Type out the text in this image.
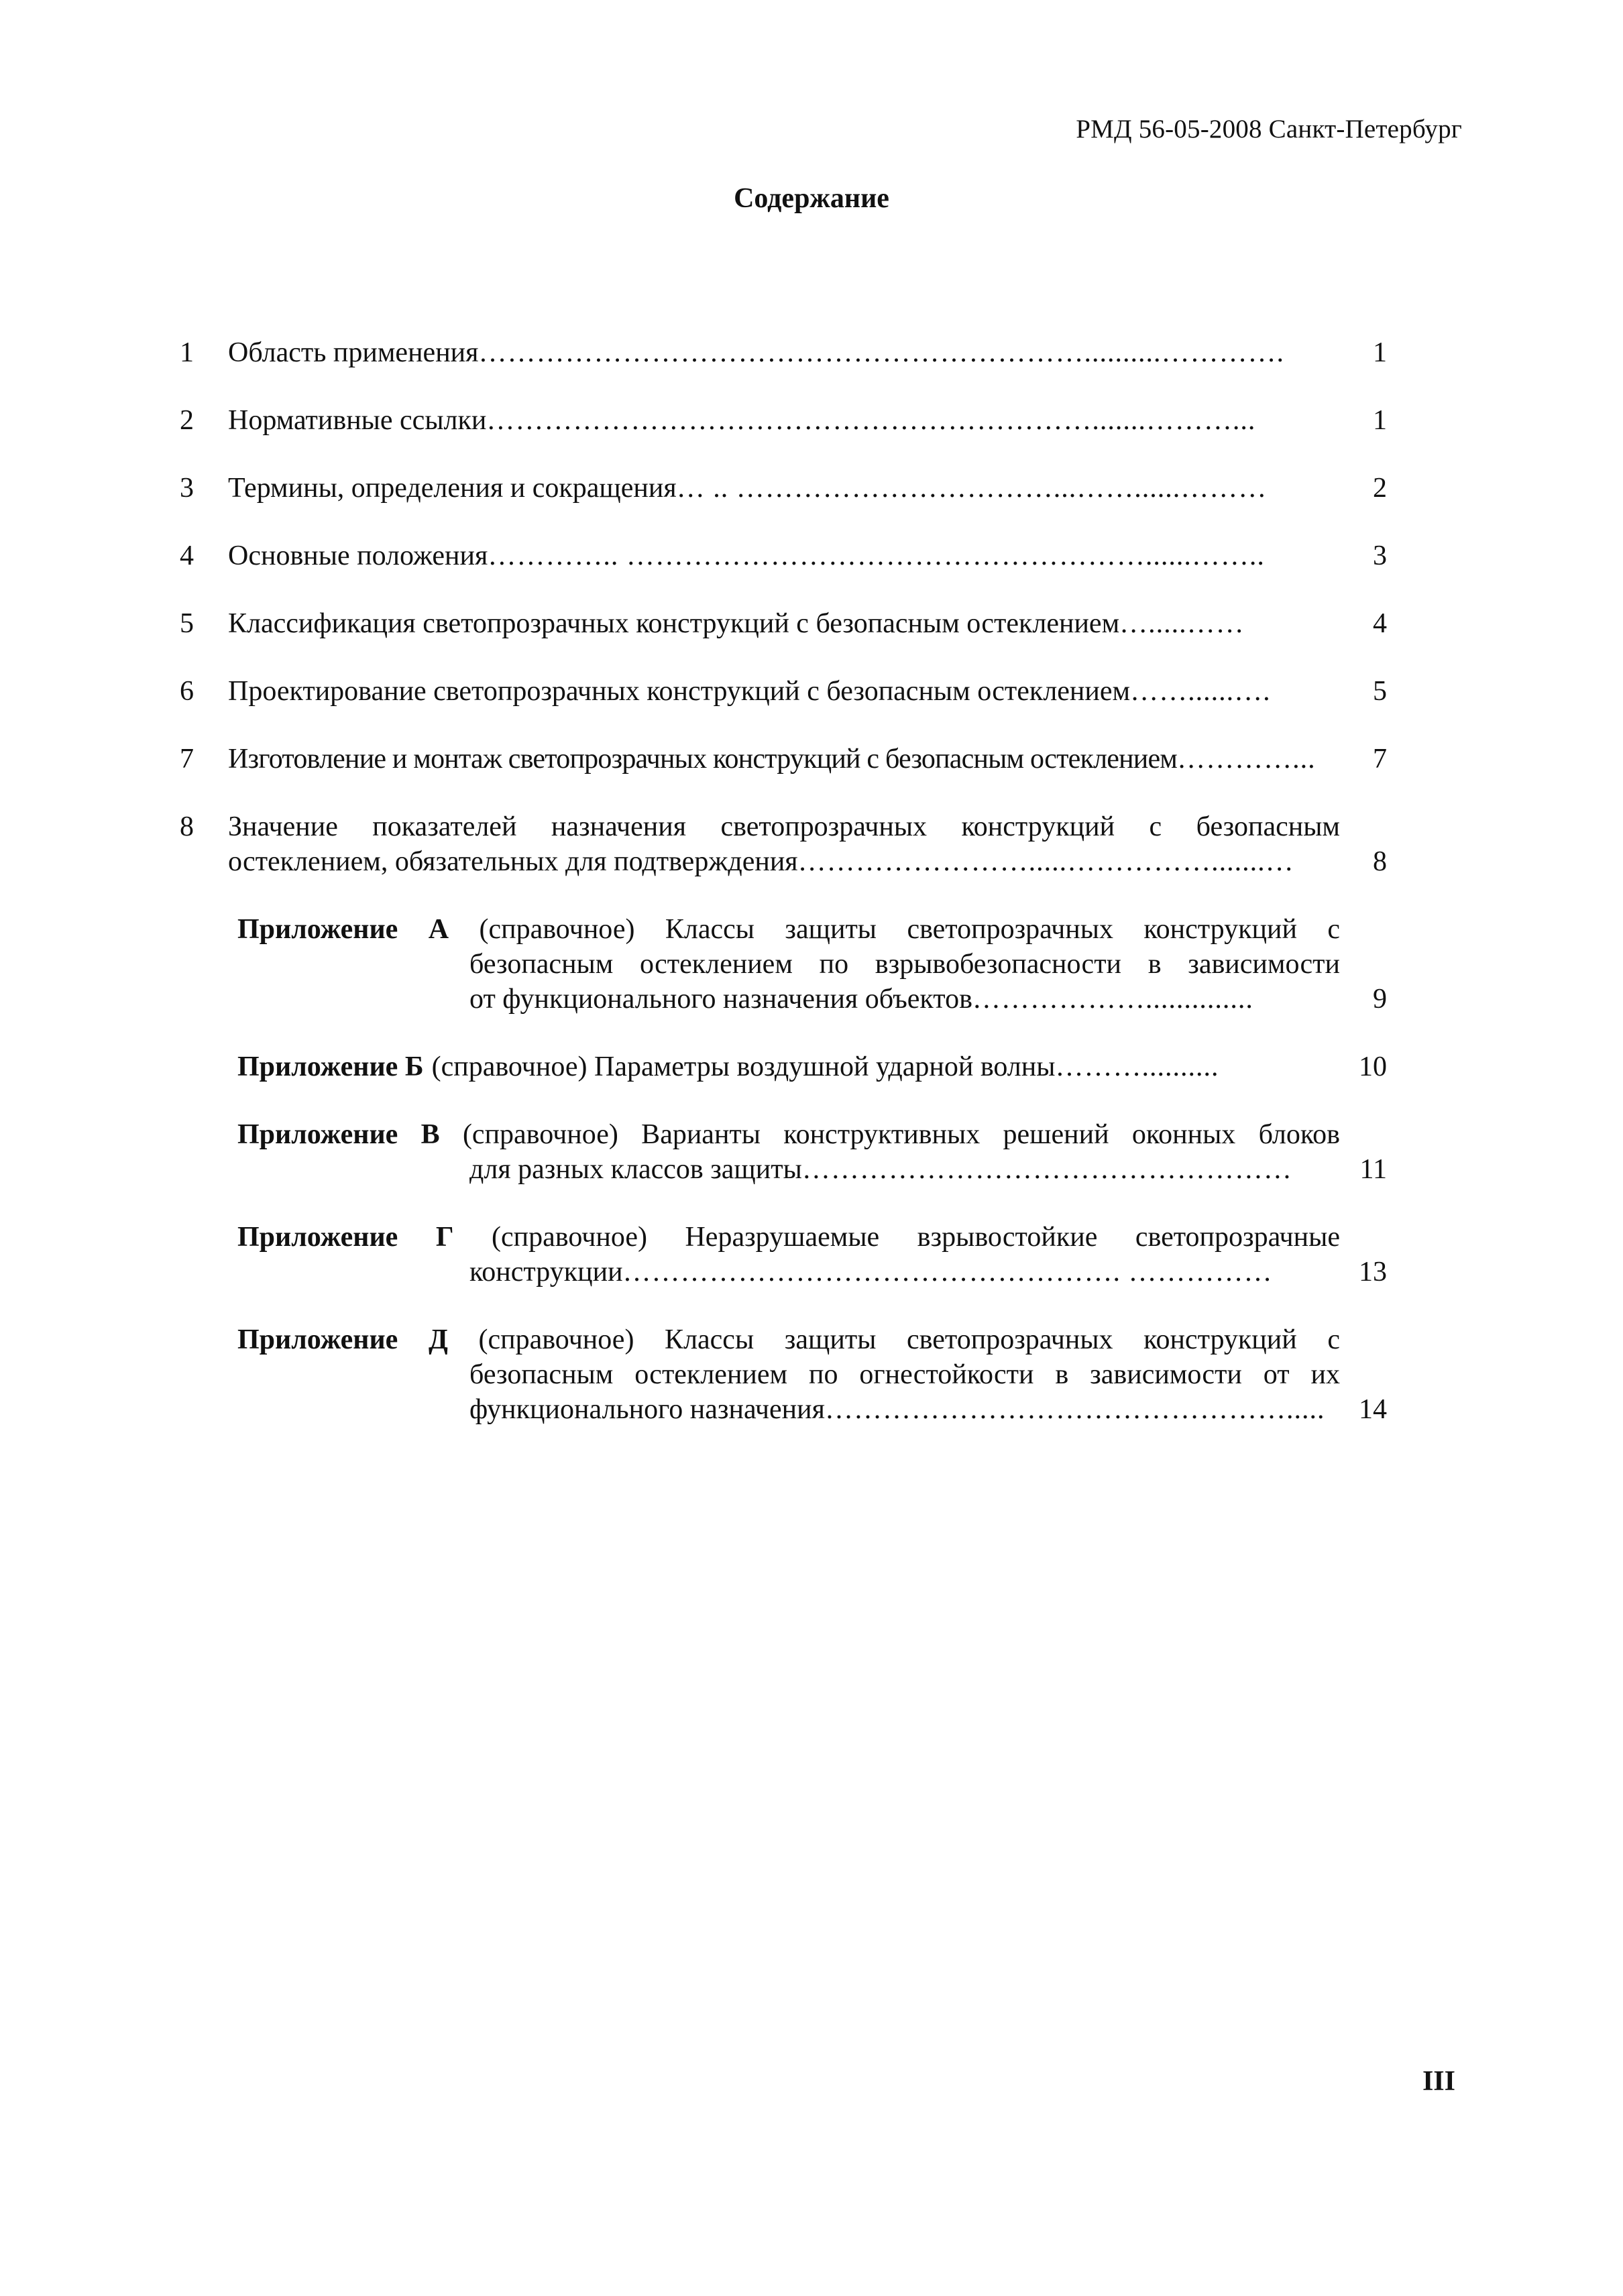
РМД 56-05-2008 Санкт-Петербург
Содержание
1	Область применения ………………………………………………………..........………….	1
2	Нормативные ссылки ……………………………………………………….......………...	1
3	Термины, определения и сокращения … .. ……………………………...……......………	2
4	Основные положения ………….. ………………………………………………......……..	3
5	Классификация светопрозрачных конструкций с безопасным остеклением ….....……	4
6	Проектирование светопрозрачных конструкций с безопасным остеклением ……......….	5
7	Изготовление и монтаж светопрозрачных конструкций с безопасным остеклением …………...	7
8	Значение показателей назначения светопрозрачных конструкций с безопасным
остеклением, обязательных для подтверждения …………………….....…………….......…	8
Приложение А (справочное) Классы защиты светопрозрачных конструкций с
безопасным остеклением по взрывобезопасности в зависимости
от функционального назначения объектов ………………..............	9
Приложение Б (справочное) Параметры воздушной ударной волны ………..........	10
Приложение В (справочное) Варианты конструктивных решений оконных блоков
для разных классов защиты ……………………………………………	11
Приложение Г (справочное) Неразрушаемые взрывостойкие светопрозрачные
конструкции ……………………………………………. ……………	13
Приложение Д (справочное) Классы защиты светопрозрачных конструкций с
безопасным остеклением по огнестойкости в зависимости от их
функционального назначения ………………………………………….....	14
III
